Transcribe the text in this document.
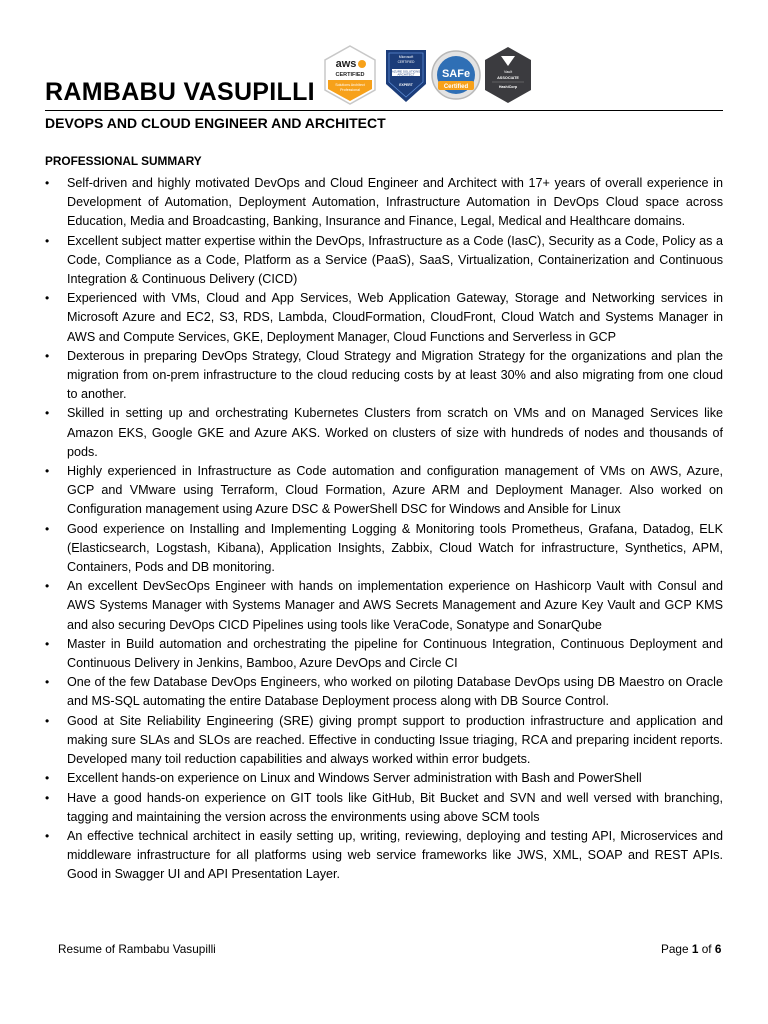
RAMBABU VASUPILLI
aws
CERTIFIED
Solutions Architect
Professional
Microsoft
CERTIFIED
AZURE SOLUTIONS
ARCHITECT
EXPERT
SAFe
Certified
Vault
ASSOCIATE
HashiCorp
DEVOPS AND CLOUD ENGINEER AND ARCHITECT
PROFESSIONAL SUMMARY
• Self-driven and highly motivated DevOps and Cloud Engineer and Architect with 17+ years of overall experience in Development of Automation, Deployment Automation, Infrastructure Automation in DevOps Cloud space across Education, Media and Broadcasting, Banking, Insurance and Finance, Legal, Medical and Healthcare domains.
• Excellent subject matter expertise within the DevOps, Infrastructure as a Code (IasC), Security as a Code, Policy as a Code, Compliance as a Code, Platform as a Service (PaaS), SaaS, Virtualization, Containerization and Continuous Integration & Continuous Delivery (CICD)
• Experienced with VMs, Cloud and App Services, Web Application Gateway, Storage and Networking services in Microsoft Azure and EC2, S3, RDS, Lambda, CloudFormation, CloudFront, Cloud Watch and Systems Manager in AWS and Compute Services, GKE, Deployment Manager, Cloud Functions and Serverless in GCP
• Dexterous in preparing DevOps Strategy, Cloud Strategy and Migration Strategy for the organizations and plan the migration from on-prem infrastructure to the cloud reducing costs by at least 30% and also migrating from one cloud to another.
• Skilled in setting up and orchestrating Kubernetes Clusters from scratch on VMs and on Managed Services like Amazon EKS, Google GKE and Azure AKS. Worked on clusters of size with hundreds of nodes and thousands of pods.
• Highly experienced in Infrastructure as Code automation and configuration management of VMs on AWS, Azure, GCP and VMware using Terraform, Cloud Formation, Azure ARM and Deployment Manager. Also worked on Configuration management using Azure DSC & PowerShell DSC for Windows and Ansible for Linux
• Good experience on Installing and Implementing Logging & Monitoring tools Prometheus, Grafana, Datadog, ELK (Elasticsearch, Logstash, Kibana), Application Insights, Zabbix, Cloud Watch for infrastructure, Synthetics, APM, Containers, Pods and DB monitoring.
• An excellent DevSecOps Engineer with hands on implementation experience on Hashicorp Vault with Consul and AWS Systems Manager with Systems Manager and AWS Secrets Management and Azure Key Vault and GCP KMS and also securing DevOps CICD Pipelines using tools like VeraCode, Sonatype and SonarQube
• Master in Build automation and orchestrating the pipeline for Continuous Integration, Continuous Deployment and Continuous Delivery in Jenkins, Bamboo, Azure DevOps and Circle CI
• One of the few Database DevOps Engineers, who worked on piloting Database DevOps using DB Maestro on Oracle and MS-SQL automating the entire Database Deployment process along with DB Source Control.
• Good at Site Reliability Engineering (SRE) giving prompt support to production infrastructure and application and making sure SLAs and SLOs are reached. Effective in conducting Issue triaging, RCA and preparing incident reports. Developed many toil reduction capabilities and always worked within error budgets.
• Excellent hands-on experience on Linux and Windows Server administration with Bash and PowerShell
• Have a good hands-on experience on GIT tools like GitHub, Bit Bucket and SVN and well versed with branching, tagging and maintaining the version across the environments using above SCM tools
• An effective technical architect in easily setting up, writing, reviewing, deploying and testing API, Microservices and middleware infrastructure for all platforms using web service frameworks like JWS, XML, SOAP and REST APIs. Good in Swagger UI and API Presentation Layer.
Resume of Rambabu Vasupilli	Page 1 of 6
